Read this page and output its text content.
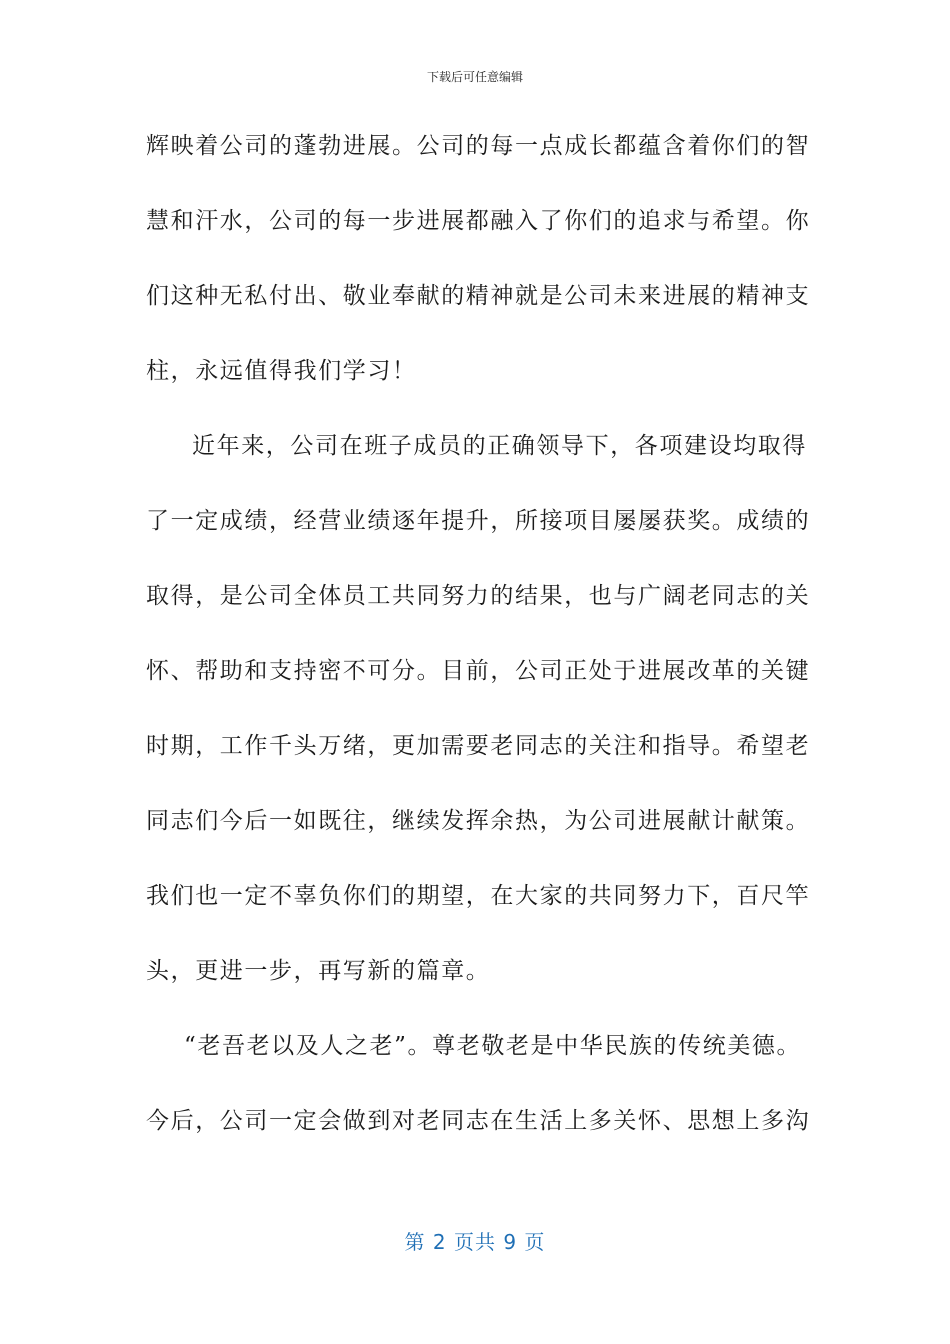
下载后可任意编辑
辉映着公司的蓬勃进展。公司的每一点成长都蕴含着你们的智
慧和汗水，公司的每一步进展都融入了你们的追求与希望。你
们这种无私付出、敬业奉献的精神就是公司未来进展的精神支
柱，永远值得我们学习！
近年来，公司在班子成员的正确领导下，各项建设均取得
了一定成绩，经营业绩逐年提升，所接项目屡屡获奖。成绩的
取得，是公司全体员工共同努力的结果，也与广阔老同志的关
怀、帮助和支持密不可分。目前，公司正处于进展改革的关键
时期，工作千头万绪，更加需要老同志的关注和指导。希望老
同志们今后一如既往，继续发挥余热，为公司进展献计献策。
我们也一定不辜负你们的期望，在大家的共同努力下，百尺竿
头，更进一步，再写新的篇章。
“老吾老以及人之老”。尊老敬老是中华民族的传统美德。
今后，公司一定会做到对老同志在生活上多关怀、思想上多沟
第 2 页共 9 页
